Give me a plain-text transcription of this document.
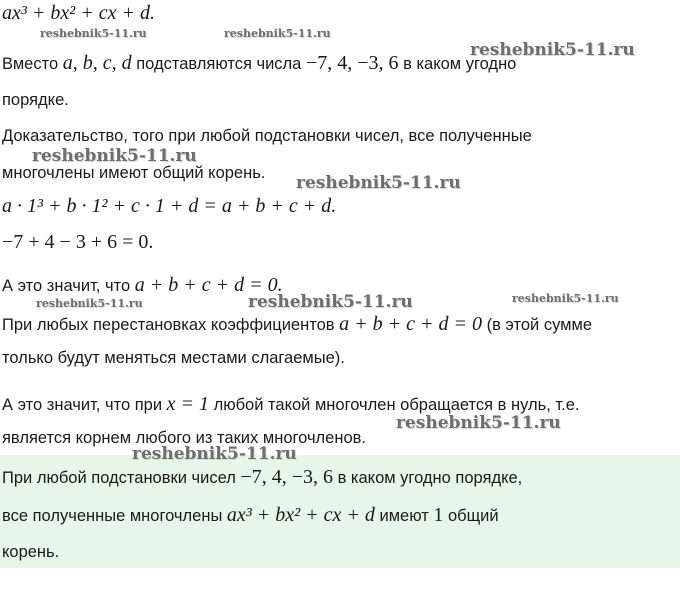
ax³ + bx² + cx + d.
Вместо a, b, c, d подставляются числа −7, 4, −3, 6 в каком угодно
порядке.
Доказательство, того при любой подстановки чисел, все полученные
многочлены имеют общий корень.
a · 1³ + b · 1² + c · 1 + d = a + b + c + d.
−7 + 4 − 3 + 6 = 0.
А это значит, что a + b + c + d = 0.
При любых перестановках коэффициентов a + b + c + d = 0 (в этой сумме
только будут меняться местами слагаемые).
А это значит, что при x = 1 любой такой многочлен обращается в нуль, т.е.
является корнем любого из таких многочленов.
При любой подстановки чисел −7, 4, −3, 6 в каком угодно порядке,
все полученные многочлены ax³ + bx² + cx + d имеют 1 общий
корень.
reshebnik5-11.ru	reshebnik5-11.ru
reshebnik5-11.ru
reshebnik5-11.ru
reshebnik5-11.ru
reshebnik5-11.ru	reshebnik5-11.ru	reshebnik5-11.ru
reshebnik5-11.ru
reshebnik5-11.ru
